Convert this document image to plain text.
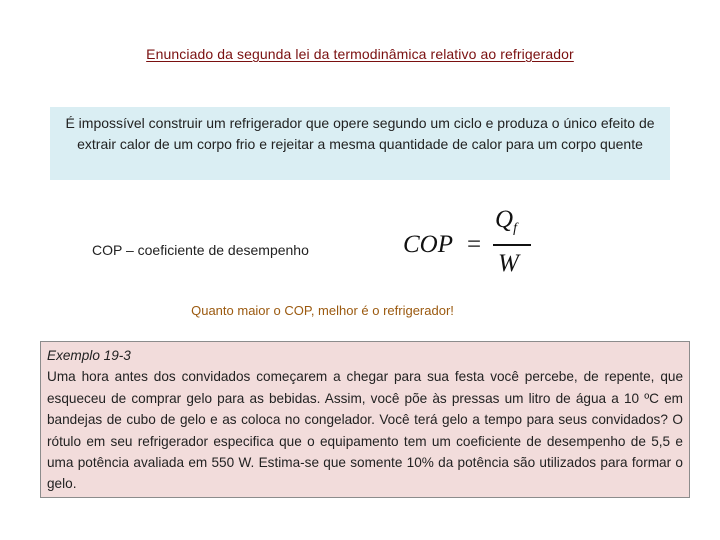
Enunciado da segunda lei da termodinâmica relativo ao refrigerador
É impossível construir um refrigerador que opere segundo um ciclo e produza o único efeito de extrair calor de um corpo frio e rejeitar a mesma quantidade de calor para um corpo quente
COP – coeficiente de desempenho	COP =
$Q_f$
W
Quanto maior o COP, melhor é o refrigerador!
Exemplo 19-3
Uma hora antes dos convidados começarem a chegar para sua festa você percebe, de repente, que esqueceu de comprar gelo para as bebidas. Assim, você põe às pressas um litro de água a 10 ºC em bandejas de cubo de gelo e as coloca no congelador. Você terá gelo a tempo para seus convidados? O rótulo em seu refrigerador especifica que o equipamento tem um coeficiente de desempenho de 5,5 e uma potência avaliada em 550 W. Estima-se que somente 10% da potência são utilizados para formar o gelo.
